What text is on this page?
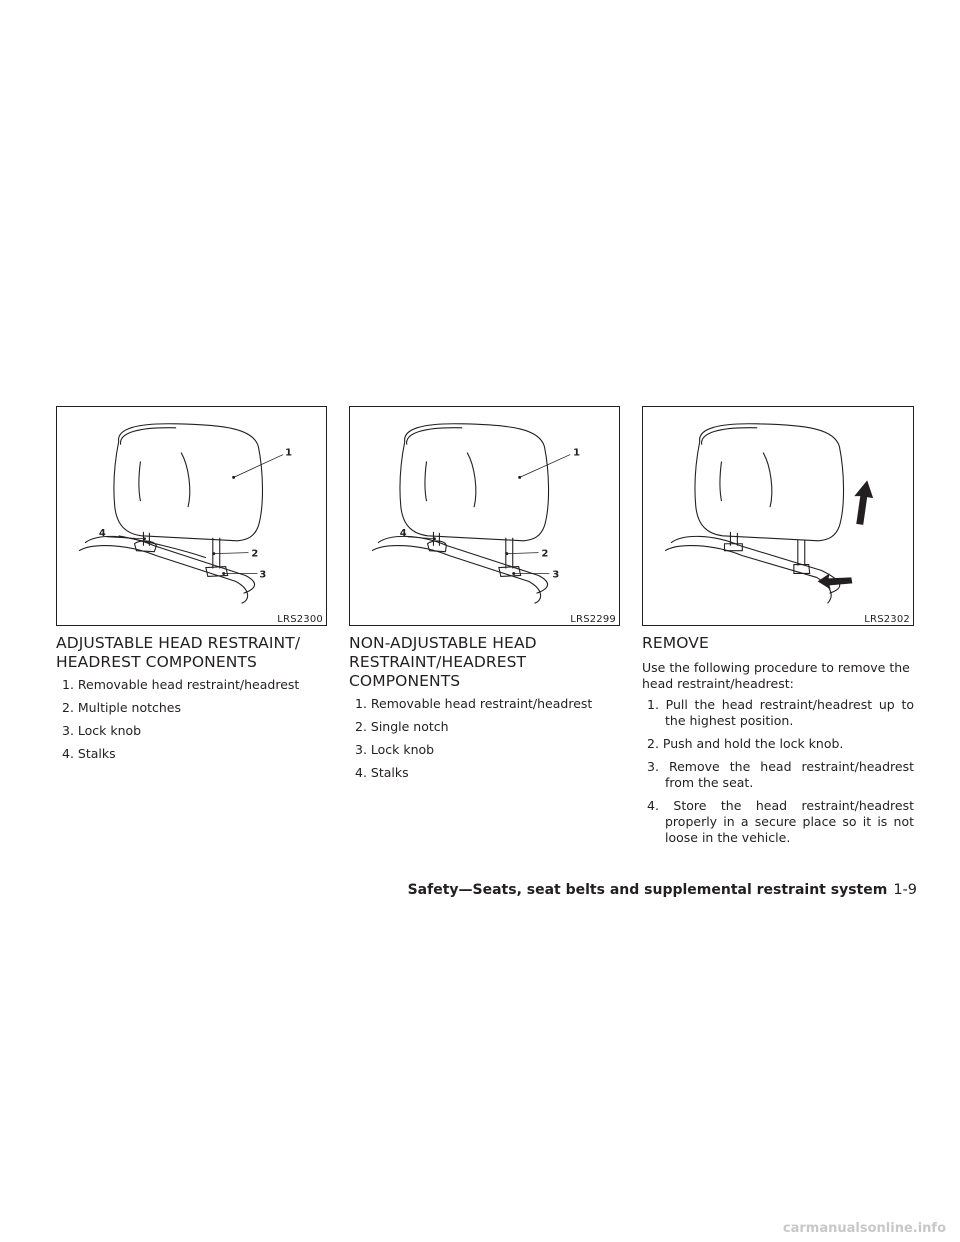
1
2
3
4
LRS2300
ADJUSTABLE HEAD RESTRAINT/ HEADREST COMPONENTS
1. Removable head restraint/headrest
2. Multiple notches
3. Lock knob
4. Stalks
1
2
3
4
LRS2299
NON-ADJUSTABLE HEAD RESTRAINT/HEADREST COMPONENTS
1. Removable head restraint/headrest
2. Single notch
3. Lock knob
4. Stalks
LRS2302
REMOVE

Use the following procedure to remove the head restraint/headrest:

1. Pull the head restraint/headrest up to the highest position.
2. Push and hold the lock knob.
3. Remove the head restraint/headrest from the seat.
4. Store the head restraint/headrest properly in a secure place so it is not loose in the vehicle.
Safety—Seats, seat belts and supplemental restraint system 1-9
carmanualsonline.info
